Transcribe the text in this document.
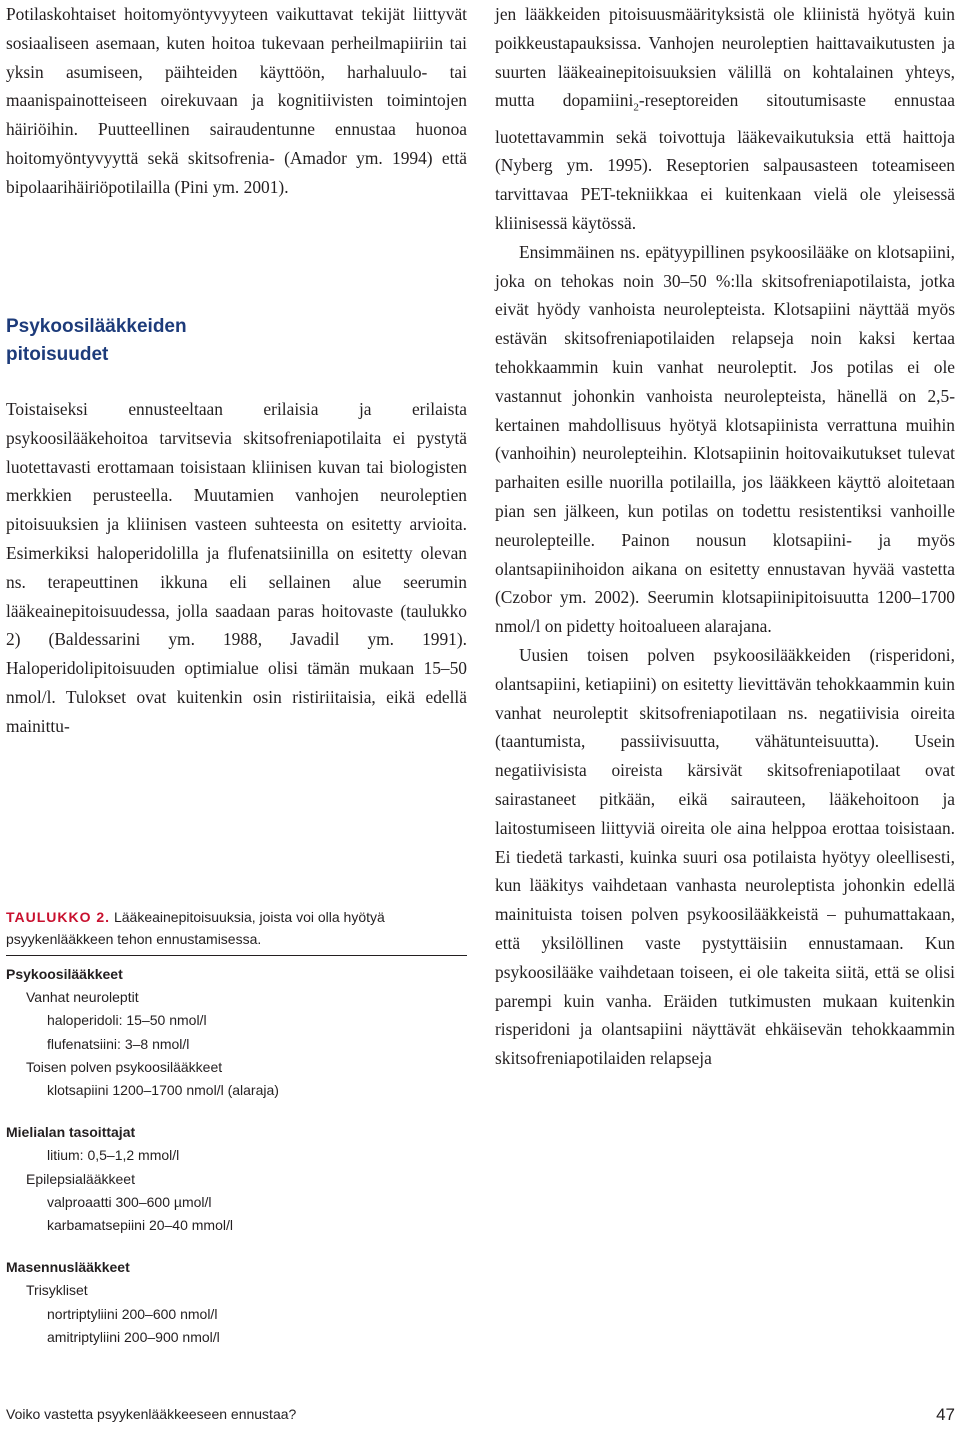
Potilaskohtaiset hoitomyöntyvyyteen vaikuttavat tekijät liittyvät sosiaaliseen asemaan, kuten hoitoa tukevaan perheilmapiiriin tai yksin asumiseen, päihteiden käyttöön, harhaluulo- tai maanispainotteiseen oirekuvaan ja kognitiivisten toimintojen häiriöihin. Puutteellinen sairaudentunne ennustaa huonoa hoitomyöntyvyyttä sekä skitsofrenia- (Amador ym. 1994) että bipolaarihäiriöpotilailla (Pini ym. 2001).
Psykoosilääkkeiden
pitoisuudet
Toistaiseksi ennusteeltaan erilaisia ja erilaista psykoosilääkehoitoa tarvitsevia skitsofreniapotilaita ei pystytä luotettavasti erottamaan toisistaan kliinisen kuvan tai biologisten merkkien perusteella. Muutamien vanhojen neuroleptien pitoisuuksien ja kliinisen vasteen suhteesta on esitetty arvioita. Esimerkiksi haloperidolilla ja flufenatsiinilla on esitetty olevan ns. terapeuttinen ikkuna eli sellainen alue seerumin lääkeainepitoisuudessa, jolla saadaan paras hoitovaste (taulukko 2) (Baldessarini ym. 1988, Javadil ym. 1991). Haloperidolipitoisuuden optimialue olisi tämän mukaan 15–50 nmol/l. Tulokset ovat kuitenkin osin ristiriitaisia, eikä edellä mainittu-
TAULUKKO 2. Lääkeainepitoisuuksia, joista voi olla hyötyä psyykenlääkkeen tehon ennustamisessa.
Psykoosilääkkeet
Vanhat neuroleptit
haloperidoli: 15–50 nmol/l
flufenatsiini: 3–8 nmol/l
Toisen polven psykoosilääkkeet
klotsapiini 1200–1700 nmol/l (alaraja)
Mielialan tasoittajat
litium: 0,5–1,2 mmol/l
Epilepsialääkkeet
valproaatti 300–600 µmol/l
karbamatsepiini 20–40 mmol/l
Masennuslääkkeet
Trisykliset
nortriptyliini 200–600 nmol/l
amitriptyliini 200–900 nmol/l

jen lääkkeiden pitoisuusmäärityksistä ole kliinistä hyötyä kuin poikkeustapauksissa. Vanhojen neuroleptien haittavaikutusten ja suurten lääkeainepitoisuuksien välillä on kohtalainen yhteys, mutta dopamiini$_2$-reseptoreiden sitoutumisaste ennustaa luotettavammin sekä toivottuja lääkevaikutuksia että haittoja (Nyberg ym. 1995). Reseptorien salpausasteen toteamiseen tarvittavaa PET-tekniikkaa ei kuitenkaan vielä ole yleisessä kliinisessä käytössä.

Ensimmäinen ns. epätyypillinen psykoosilääke on klotsapiini, joka on tehokas noin 30–50 %:lla skitsofreniapotilaista, jotka eivät hyödy vanhoista neurolepteista. Klotsapiini näyttää myös estävän skitsofreniapotilaiden relapseja noin kaksi kertaa tehokkaammin kuin vanhat neuroleptit. Jos potilas ei ole vastannut johonkin vanhoista neurolepteista, hänellä on 2,5-kertainen mahdollisuus hyötyä klotsapiinista verrattuna muihin (vanhoihin) neurolepteihin. Klotsapiinin hoitovaikutukset tulevat parhaiten esille nuorilla potilailla, jos lääkkeen käyttö aloitetaan pian sen jälkeen, kun potilas on todettu resistentiksi vanhoille neurolepteille. Painon nousun klotsapiini- ja myös olantsapiinihoidon aikana on esitetty ennustavan hyvää vastetta (Czobor ym. 2002). Seerumin klotsapiinipitoisuutta 1200–1700 nmol/l on pidetty hoitoalueen alarajana.

Uusien toisen polven psykoosilääkkeiden (risperidoni, olantsapiini, ketiapiini) on esitetty lievittävän tehokkaammin kuin vanhat neuroleptit skitsofreniapotilaan ns. negatiivisia oireita (taantumista, passiivisuutta, vähätunteisuutta). Usein negatiivisista oireista kärsivät skitsofreniapotilaat ovat sairastaneet pitkään, eikä sairauteen, lääkehoitoon ja laitostumiseen liittyviä oireita ole aina helppoa erottaa toisistaan. Ei tiedetä tarkasti, kuinka suuri osa potilaista hyötyy oleellisesti, kun lääkitys vaihdetaan vanhasta neuroleptista johonkin edellä mainituista toisen polven psykoosilääkkeistä – puhumattakaan, että yksilöllinen vaste pystyttäisiin ennustamaan. Kun psykoosilääke vaihdetaan toiseen, ei ole takeita siitä, että se olisi parempi kuin vanha. Eräiden tutkimusten mukaan kuitenkin risperidoni ja olantsapiini näyttävät ehkäisevän tehokkaammin skitsofreniapotilaiden relapseja

Voiko vastetta psyykenlääkkeeseen ennustaa?	47
